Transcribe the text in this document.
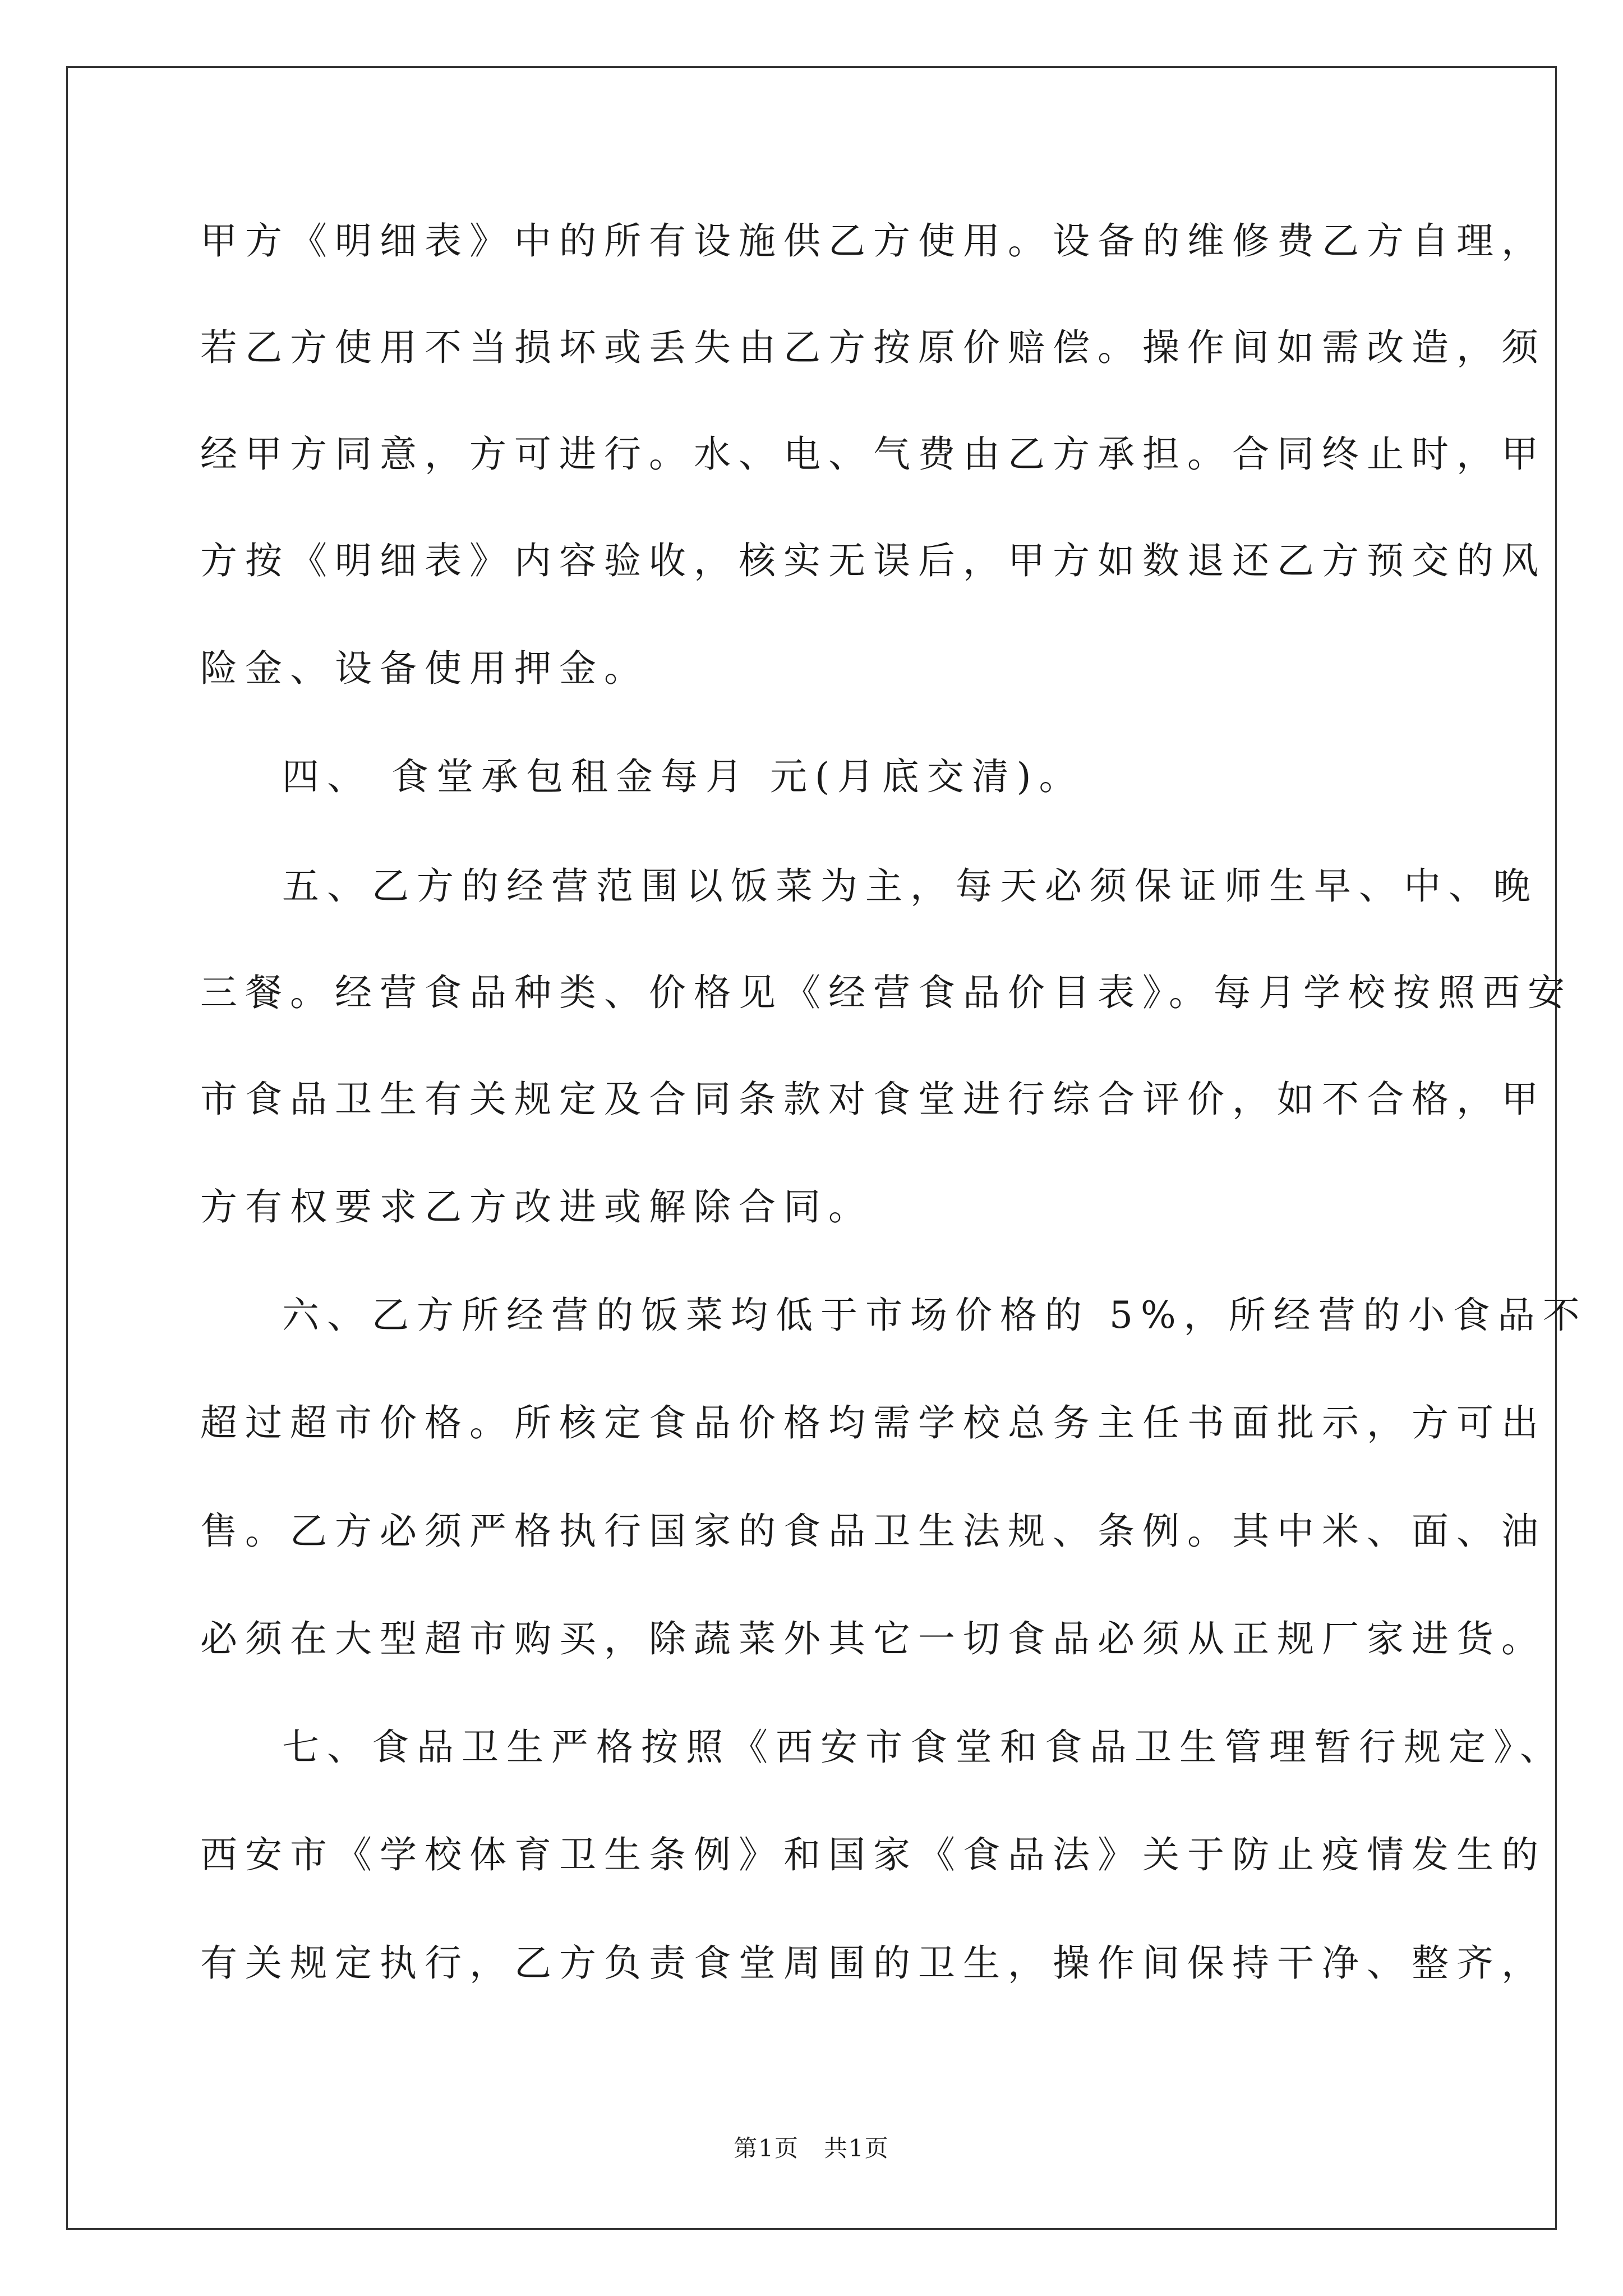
甲方《明细表》中的所有设施供乙方使用。设备的维修费乙方自理，
若乙方使用不当损坏或丢失由乙方按原价赔偿。操作间如需改造，须
经甲方同意，方可进行。水、电、气费由乙方承担。合同终止时，甲
方按《明细表》内容验收，核实无误后，甲方如数退还乙方预交的风
险金、设备使用押金。
四、 食堂承包租金每月 元(月底交清)。
五、乙方的经营范围以饭菜为主，每天必须保证师生早、中、晚
三餐。经营食品种类、价格见《经营食品价目表》。每月学校按照西安
市食品卫生有关规定及合同条款对食堂进行综合评价，如不合格，甲
方有权要求乙方改进或解除合同。
六、乙方所经营的饭菜均低于市场价格的 5%，所经营的小食品不
超过超市价格。所核定食品价格均需学校总务主任书面批示，方可出
售。乙方必须严格执行国家的食品卫生法规、条例。其中米、面、油
必须在大型超市购买，除蔬菜外其它一切食品必须从正规厂家进货。
七、食品卫生严格按照《西安市食堂和食品卫生管理暂行规定》、
西安市《学校体育卫生条例》和国家《食品法》关于防止疫情发生的
有关规定执行，乙方负责食堂周围的卫生，操作间保持干净、整齐，
第1页　共1页
